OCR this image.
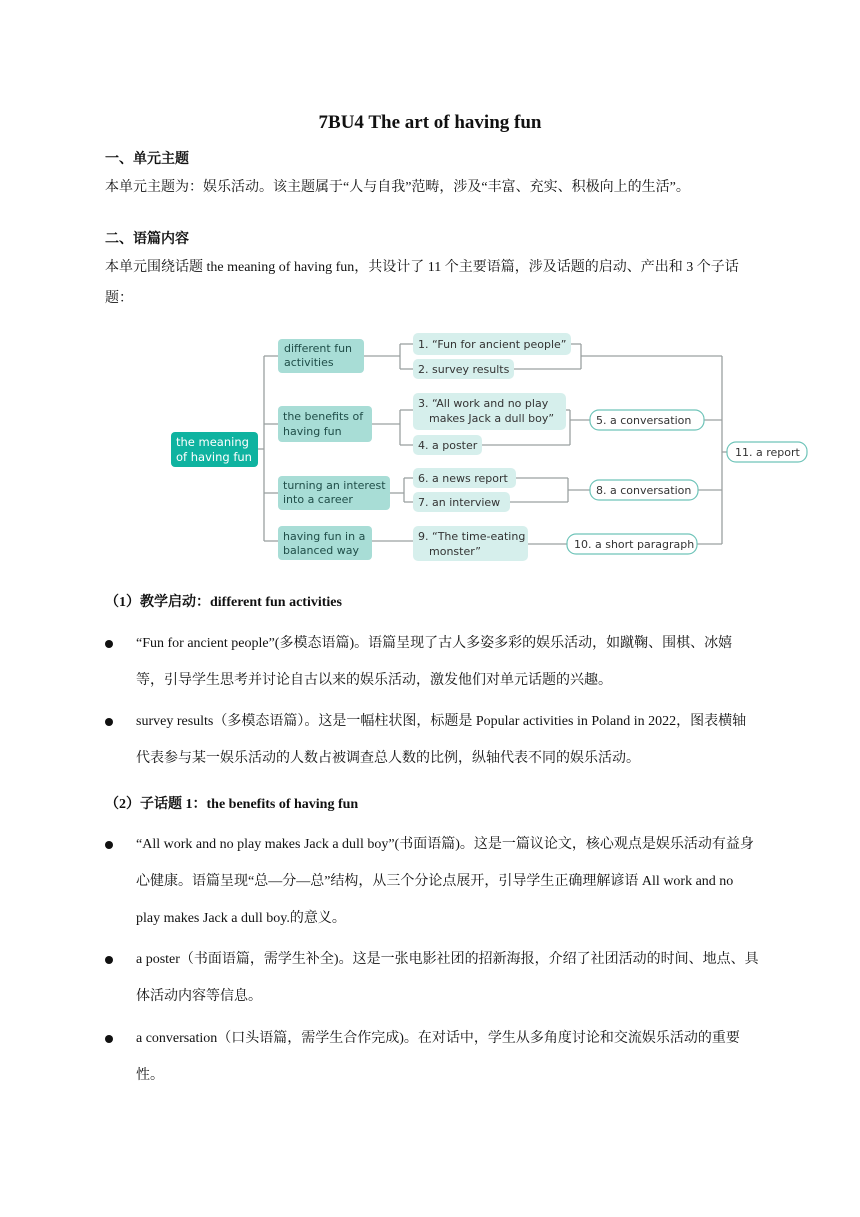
7BU4 The art of having fun
一、单元主题
本单元主题为：娱乐活动。该主题属于“人与自我”范畴，涉及“丰富、充实、积极向上的生活”。
二、语篇内容
本单元围绕话题 the meaning of having fun，共设计了 11 个主要语篇，涉及话题的启动、产出和 3 个子话题：
the meaning of having fun
different fun activities
the benefits of having fun
turning an interest into a career
having fun in a balanced way
1. “Fun for ancient people”
2. survey results
3. “All work and no play makes Jack a dull boy”
4. a poster
6. a news report
7. an interview
9. “The time-eating monster”
5. a conversation
8. a conversation
10. a short paragraph
11. a report
（1）教学启动：different fun activities
“Fun for ancient people”(多模态语篇)。语篇呈现了古人多姿多彩的娱乐活动，如蹴鞠、围棋、冰嬉等，引导学生思考并讨论自古以来的娱乐活动，激发他们对单元话题的兴趣。
survey results（多模态语篇）。这是一幅柱状图，标题是 Popular activities in Poland in 2022，图表横轴代表参与某一娱乐活动的人数占被调查总人数的比例，纵轴代表不同的娱乐活动。
（2）子话题 1：the benefits of having fun
“All work and no play makes Jack a dull boy”(书面语篇)。这是一篇议论文，核心观点是娱乐活动有益身心健康。语篇呈现“总—分—总”结构，从三个分论点展开，引导学生正确理解谚语 All work and no play makes Jack a dull boy.的意义。
a poster（书面语篇，需学生补全)。这是一张电影社团的招新海报，介绍了社团活动的时间、地点、具体活动内容等信息。
a conversation（口头语篇，需学生合作完成)。在对话中，学生从多角度讨论和交流娱乐活动的重要性。
